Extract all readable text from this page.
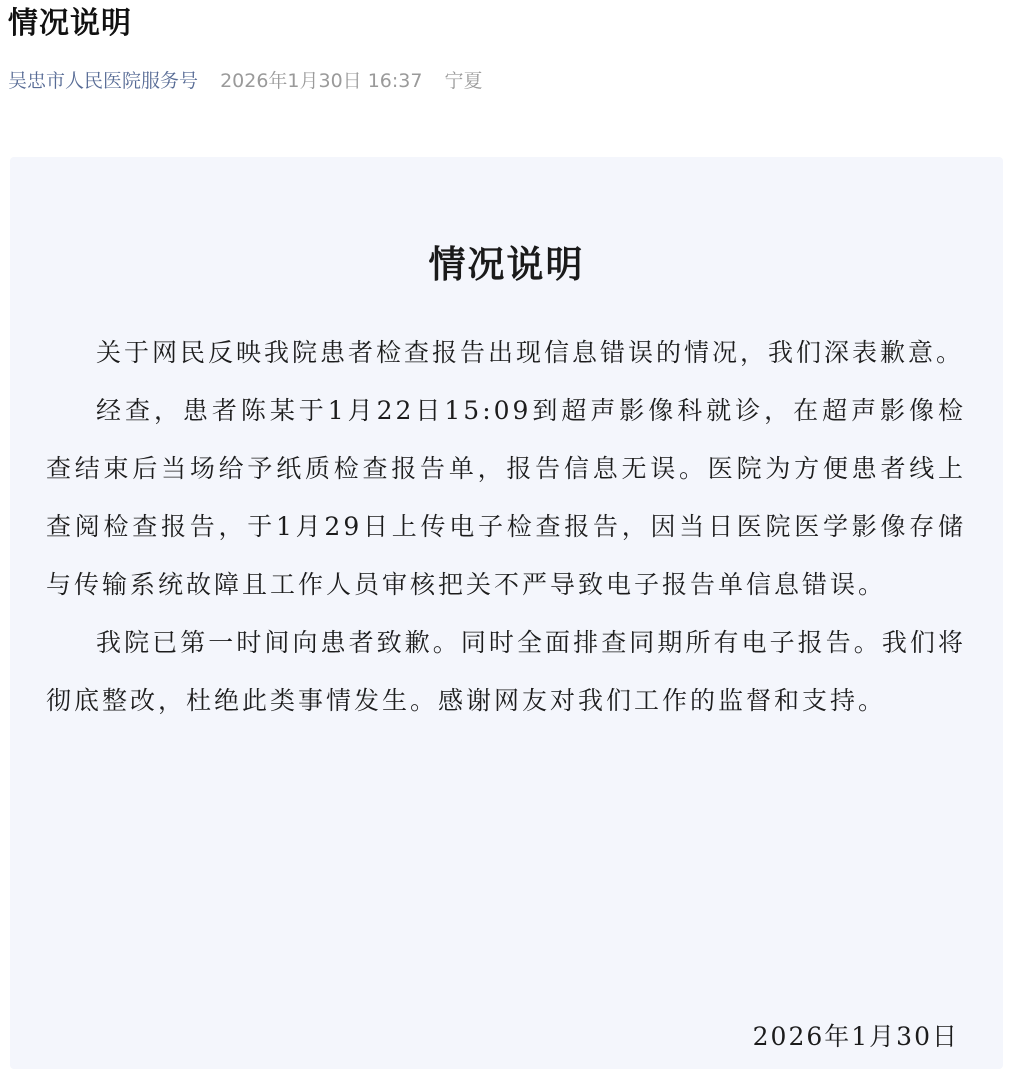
情况说明
吴忠市人民医院服务号 2026年1月30日 16:37 宁夏
情况说明

关于网民反映我院患者检查报告出现信息错误的情况，我们深表歉意。

经查，患者陈某于1月22日15:09到超声影像科就诊，在超声影像检查结束后当场给予纸质检查报告单，报告信息无误。医院为方便患者线上查阅检查报告，于1月29日上传电子检查报告，因当日医院医学影像存储与传输系统故障且工作人员审核把关不严导致电子报告单信息错误。

我院已第一时间向患者致歉。同时全面排查同期所有电子报告。我们将彻底整改，杜绝此类事情发生。感谢网友对我们工作的监督和支持。

2026年1月30日
